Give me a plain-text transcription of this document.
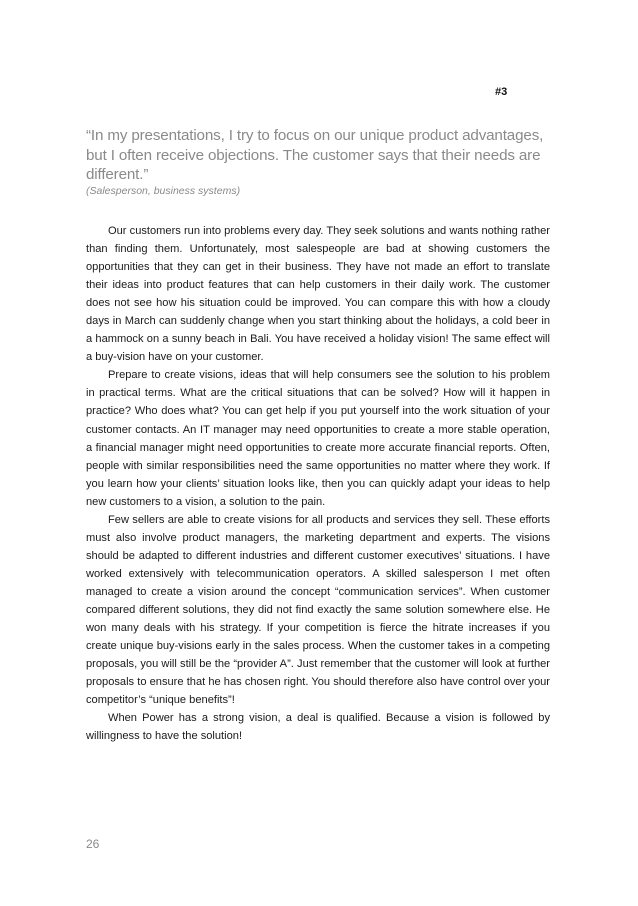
#3
“In my presentations, I try to focus on our unique product advantages, but I often receive objections. The customer says that their needs are different.”
(Salesperson, business systems)

Our customers run into problems every day. They seek solutions and wants nothing rather than finding them. Unfortunately, most salespeople are bad at showing customers the opportunities that they can get in their business. They have not made an effort to translate their ideas into product features that can help customers in their daily work. The customer does not see how his situation could be improved. You can compare this with how a cloudy days in March can suddenly change when you start thinking about the holidays, a cold beer in a hammock on a sunny beach in Bali. You have received a holiday vision! The same effect will a buy-vision have on your customer.

Prepare to create visions, ideas that will help consumers see the solution to his problem in practical terms. What are the critical situations that can be solved? How will it happen in practice? Who does what? You can get help if you put yourself into the work situation of your customer contacts. An IT manager may need opportunities to create a more stable operation, a financial manager might need opportunities to create more accurate financial reports. Often, people with similar responsibilities need the same opportunities no matter where they work. If you learn how your clients’ situation looks like, then you can quickly adapt your ideas to help new customers to a vision, a solution to the pain.

Few sellers are able to create visions for all products and services they sell. These efforts must also involve product managers, the marketing department and experts. The visions should be adapted to different industries and different customer executives’ situations. I have worked extensively with telecommunication operators. A skilled salesperson I met often managed to create a vision around the concept “communication services”. When customer compared different solutions, they did not find exactly the same solution somewhere else. He won many deals with his strategy. If your competition is fierce the hitrate increases if you create unique buy-visions early in the sales process. When the customer takes in a competing proposals, you will still be the “provider A”. Just remember that the customer will look at further proposals to ensure that he has chosen right. You should therefore also have control over your competitor’s “unique benefits”!

When Power has a strong vision, a deal is qualified. Because a vision is followed by willingness to have the solution!

26
